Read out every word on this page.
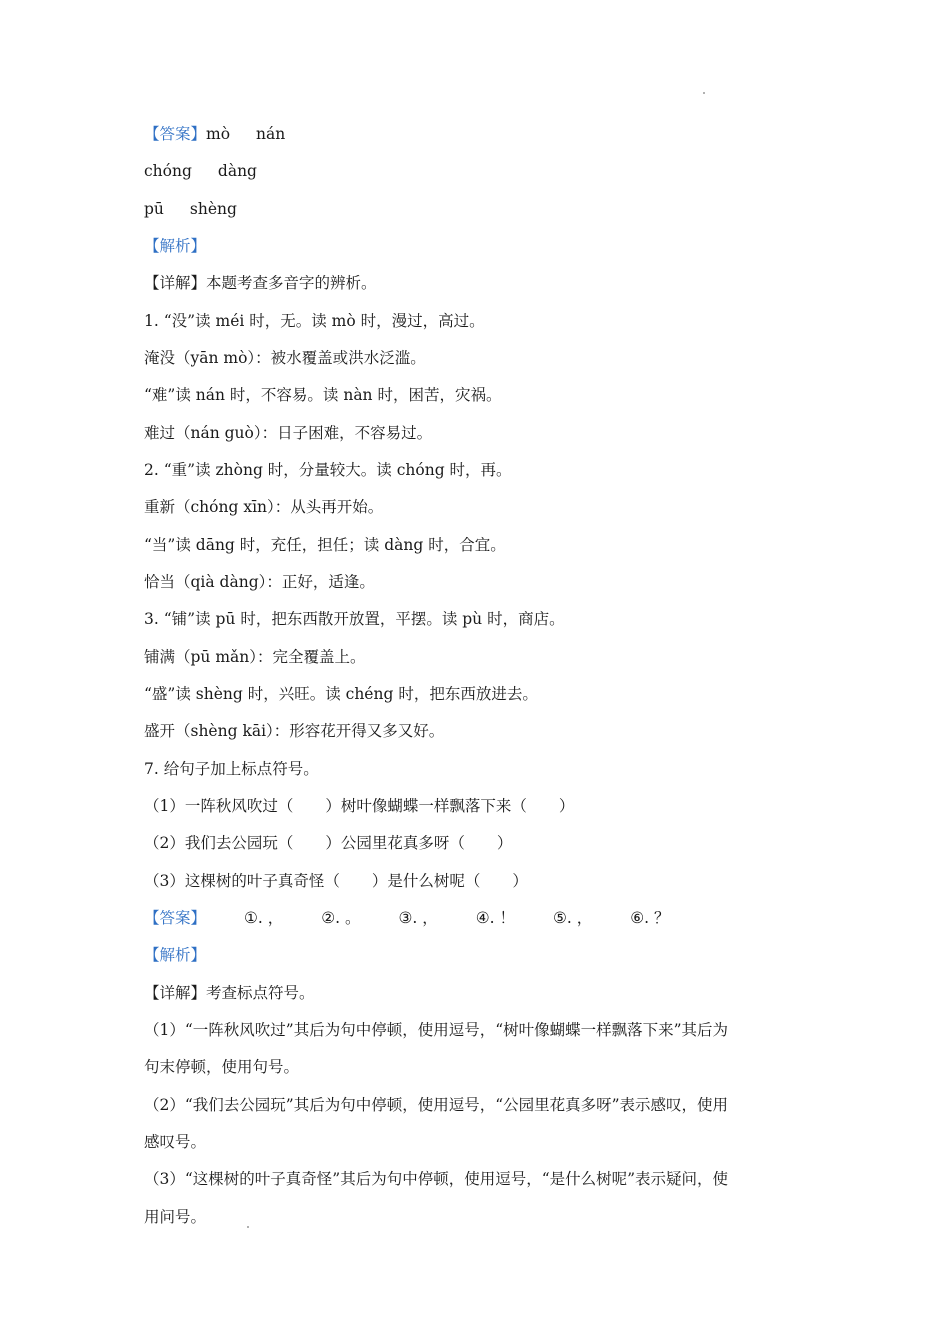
【答案】mò nán
chóng dàng
pū shèng
【解析】
【详解】本题考查多音字的辨析。
1. “没”读 méi 时，无。读 mò 时，漫过，高过。
淹没（yān mò）：被水覆盖或洪水泛滥。
“难”读 nán 时，不容易。读 nàn 时，困苦，灾祸。
难过（nán guò）：日子困难，不容易过。
2. “重”读 zhòng 时，分量较大。读 chóng 时，再。
重新（chóng xīn）：从头再开始。
“当”读 dāng 时，充任，担任；读 dàng 时，合宜。
恰当（qià dàng）：正好，适逢。
3. “铺”读 pū 时，把东西散开放置，平摆。读 pù 时，商店。
铺满（pū mǎn）：完全覆盖上。
“盛”读 shèng 时，兴旺。读 chéng 时，把东西放进去。
盛开（shèng kāi）：形容花开得又多又好。
7. 给句子加上标点符号。
（1）一阵秋风吹过（ ）树叶像蝴蝶一样飘落下来（ ）
（2）我们去公园玩（ ）公园里花真多呀（ ）
（3）这棵树的叶子真奇怪（ ）是什么树呢（ ）
【答案】 ①. ， ②. 。 ③. ， ④. ！ ⑤. ， ⑥. ？
【解析】
【详解】考查标点符号。
（1）“一阵秋风吹过”其后为句中停顿，使用逗号，“树叶像蝴蝶一样飘落下来”其后为
句末停顿，使用句号。
（2）“我们去公园玩”其后为句中停顿，使用逗号，“公园里花真多呀”表示感叹，使用
感叹号。
（3）“这棵树的叶子真奇怪”其后为句中停顿，使用逗号，“是什么树呢”表示疑问，使
用问号。
